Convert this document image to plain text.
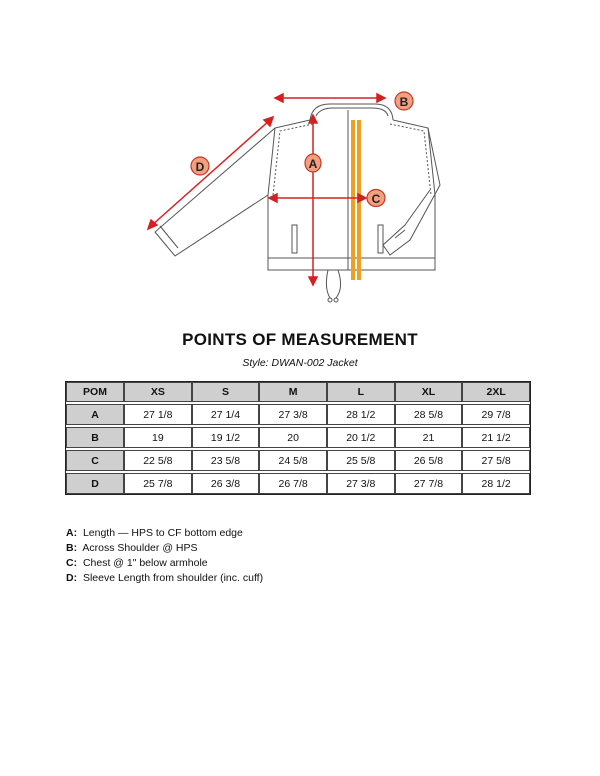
A
B
C
D
POINTS OF MEASUREMENT
Style: DWAN-002 Jacket
POM	XS	S	M	L	XL	2XL

A	27 1/8	27 1/4	27 3/8	28 1/2	28 5/8	29 7/8

B	19	19 1/2	20	20 1/2	21	21 1/2

C	22 5/8	23 5/8	24 5/8	25 5/8	26 5/8	27 5/8

D	25 7/8	26 3/8	26 7/8	27 3/8	27 7/8	28 1/2
A: Length — HPS to CF bottom edge
B: Across Shoulder @ HPS
C: Chest @ 1" below armhole
D: Sleeve Length from shoulder (inc. cuff)
